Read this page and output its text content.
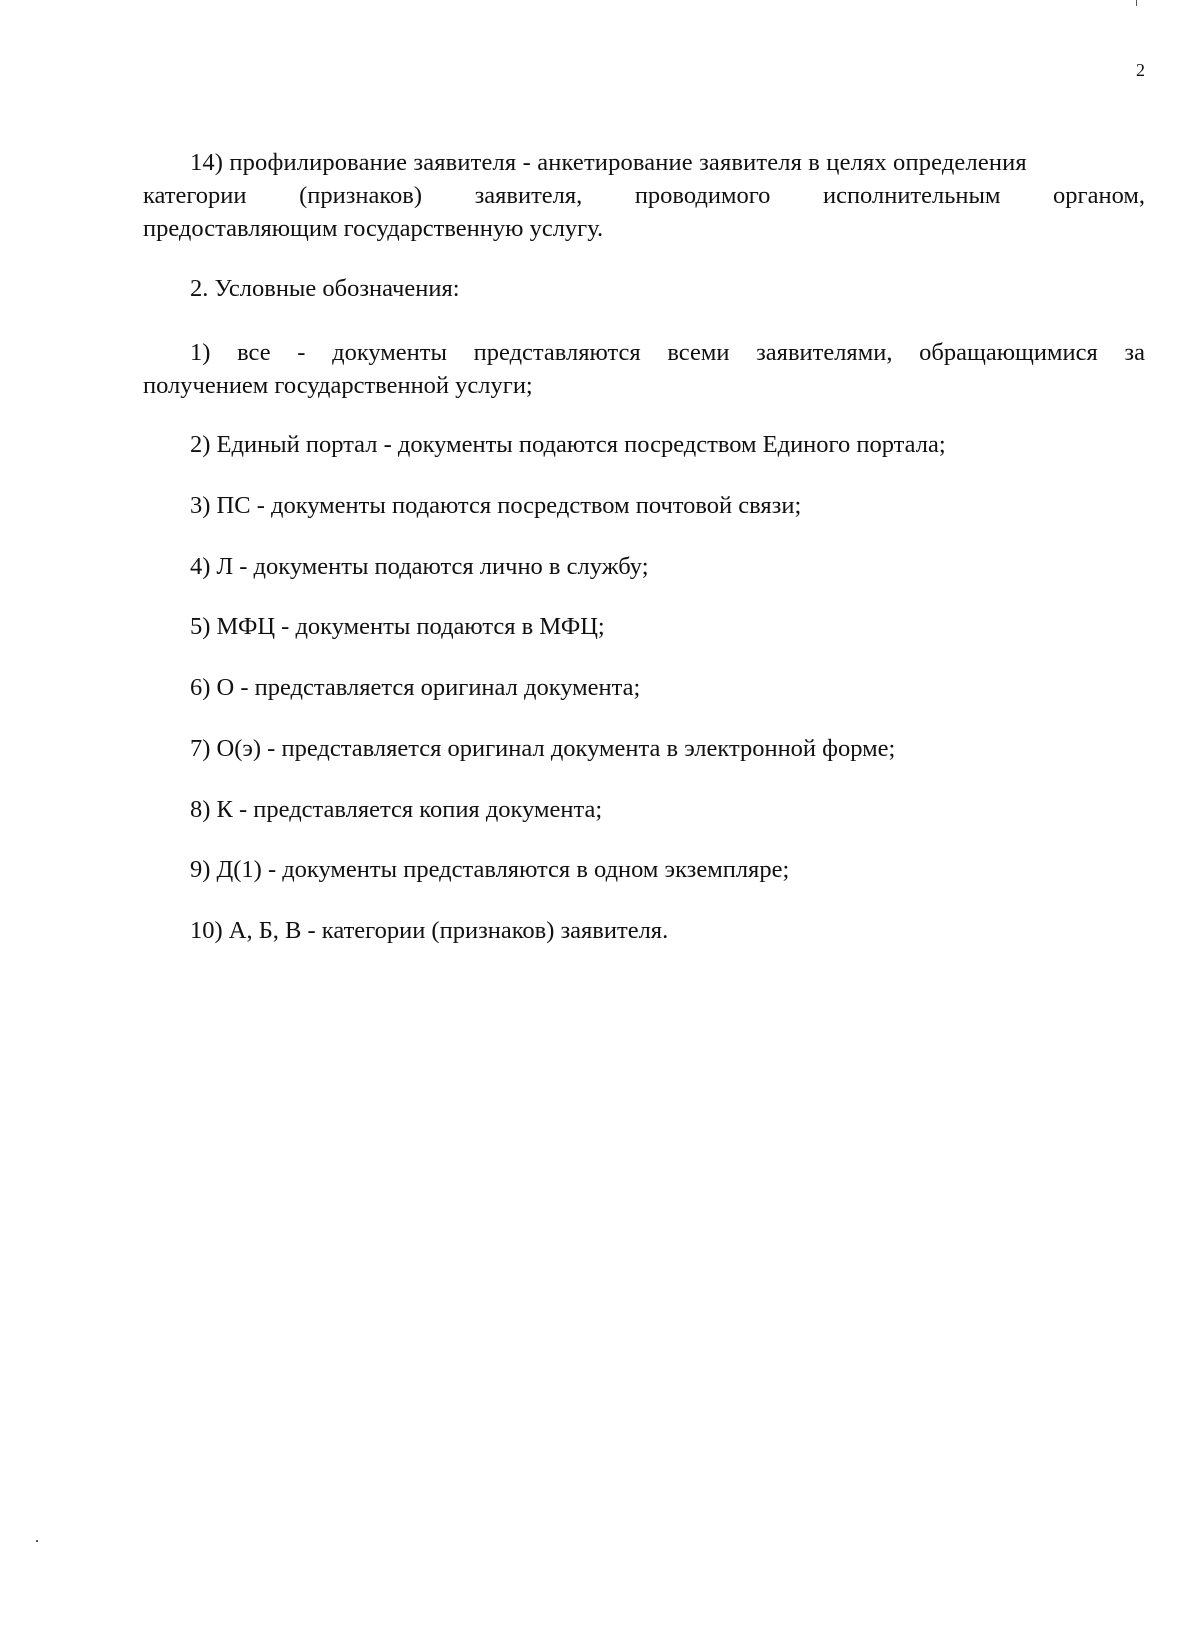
2
14) профилирование заявителя - анкетирование заявителя в целях определения
категории (признаков) заявителя, проводимого исполнительным органом,
предоставляющим государственную услугу.
2. Условные обозначения:
1) все - документы представляются всеми заявителями, обращающимися за
получением государственной услуги;
2) Единый портал - документы подаются посредством Единого портала;
3) ПС - документы подаются посредством почтовой связи;
4) Л - документы подаются лично в службу;
5) МФЦ - документы подаются в МФЦ;
6) О - представляется оригинал документа;
7) О(э) - представляется оригинал документа в электронной форме;
8) К - представляется копия документа;
9) Д(1) - документы представляются в одном экземпляре;
10) А, Б, В - категории (признаков) заявителя.
